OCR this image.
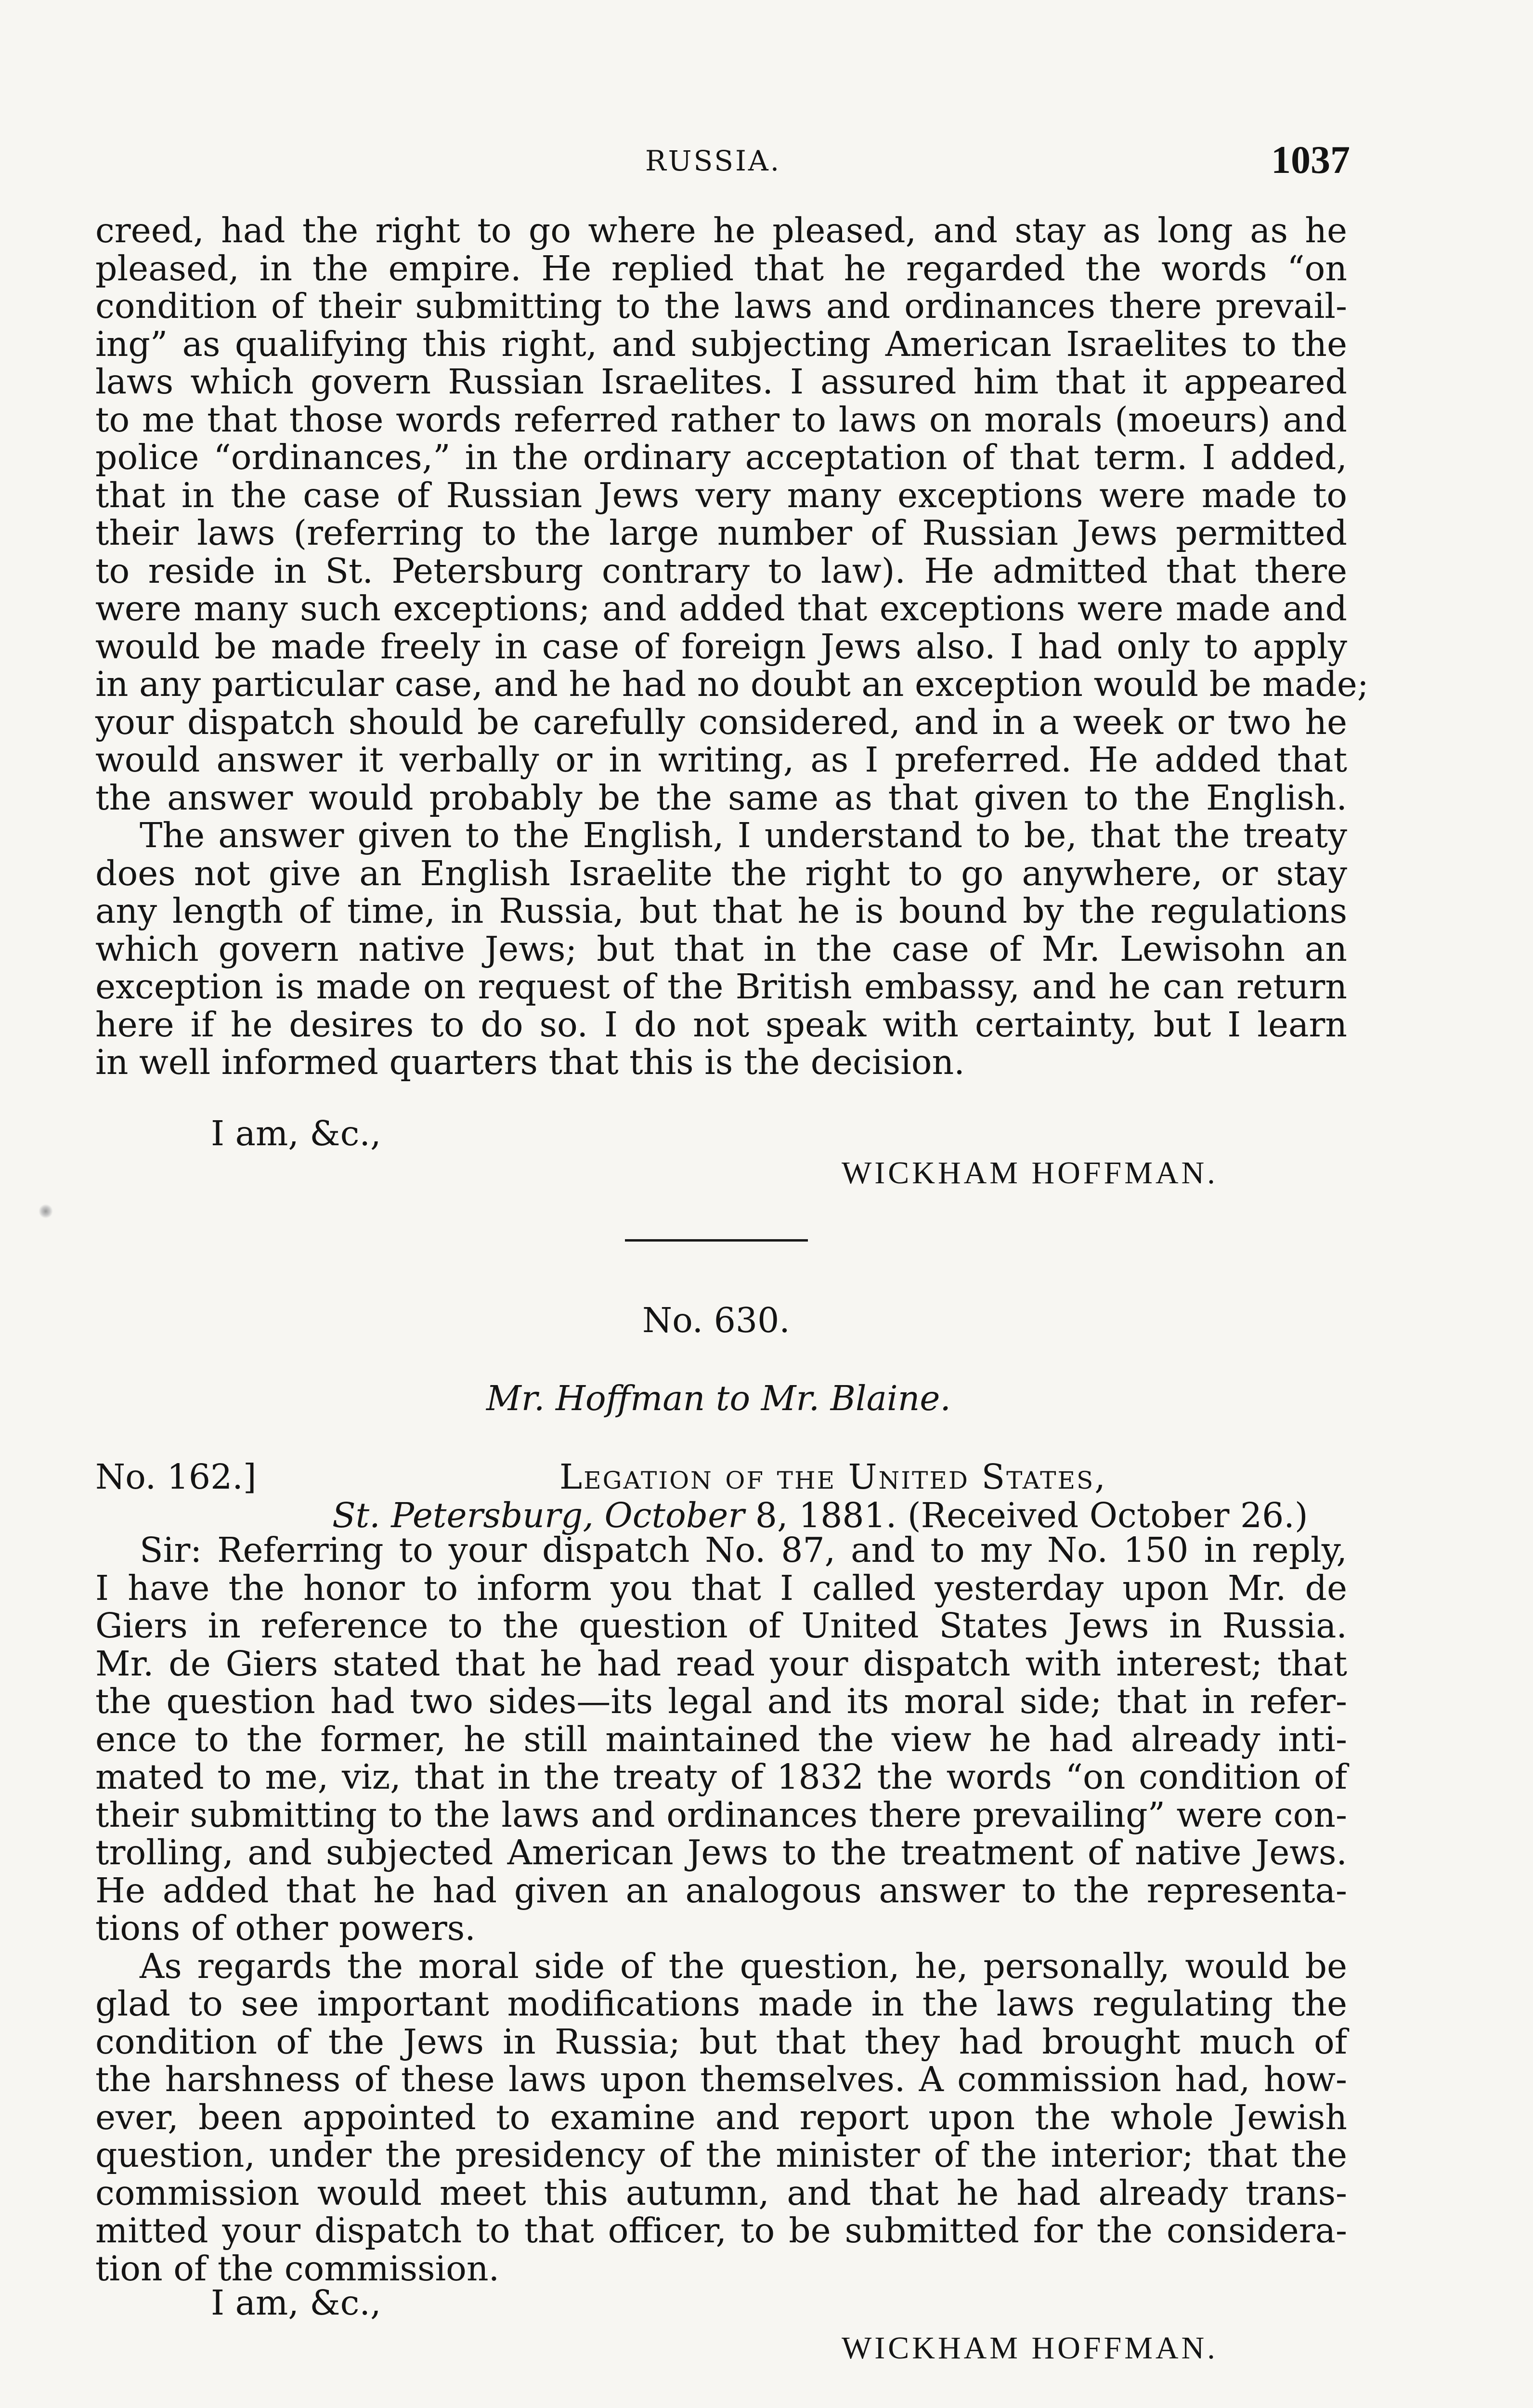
RUSSIA.	1037
creed, had the right to go where he pleased, and stay as long as he
pleased, in the empire. He replied that he regarded the words “on
condition of their submitting to the laws and ordinances there prevail-
ing” as qualifying this right, and subjecting American Israelites to the
laws which govern Russian Israelites. I assured him that it appeared
to me that those words referred rather to laws on morals (moeurs) and
police “ordinances,” in the ordinary acceptation of that term. I added,
that in the case of Russian Jews very many exceptions were made to
their laws (referring to the large number of Russian Jews permitted
to reside in St. Petersburg contrary to law). He admitted that there
were many such exceptions; and added that exceptions were made and
would be made freely in case of foreign Jews also. I had only to apply
in any particular case, and he had no doubt an exception would be made;
your dispatch should be carefully considered, and in a week or two he
would answer it verbally or in writing, as I preferred. He added that
the answer would probably be the same as that given to the English.
The answer given to the English, I understand to be, that the treaty
does not give an English Israelite the right to go anywhere, or stay
any length of time, in Russia, but that he is bound by the regulations
which govern native Jews; but that in the case of Mr. Lewisohn an
exception is made on request of the British embassy, and he can return
here if he desires to do so. I do not speak with certainty, but I learn
in well informed quarters that this is the decision.
I am, &c.,
WICKHAM HOFFMAN.
No. 630.
Mr. Hoffman to Mr. Blaine.
No. 162.]	Legation of the United States,
St. Petersburg, October 8, 1881. (Received October 26.)
Sir: Referring to your dispatch No. 87, and to my No. 150 in reply,
I have the honor to inform you that I called yesterday upon Mr. de
Giers in reference to the question of United States Jews in Russia.
Mr. de Giers stated that he had read your dispatch with interest; that
the question had two sides—its legal and its moral side; that in refer-
ence to the former, he still maintained the view he had already inti-
mated to me, viz, that in the treaty of 1832 the words “on condition of
their submitting to the laws and ordinances there prevailing” were con-
trolling, and subjected American Jews to the treatment of native Jews.
He added that he had given an analogous answer to the representa-
tions of other powers.
As regards the moral side of the question, he, personally, would be
glad to see important modifications made in the laws regulating the
condition of the Jews in Russia; but that they had brought much of
the harshness of these laws upon themselves. A commission had, how-
ever, been appointed to examine and report upon the whole Jewish
question, under the presidency of the minister of the interior; that the
commission would meet this autumn, and that he had already trans-
mitted your dispatch to that officer, to be submitted for the considera-
tion of the commission.
I am, &c.,
WICKHAM HOFFMAN.
